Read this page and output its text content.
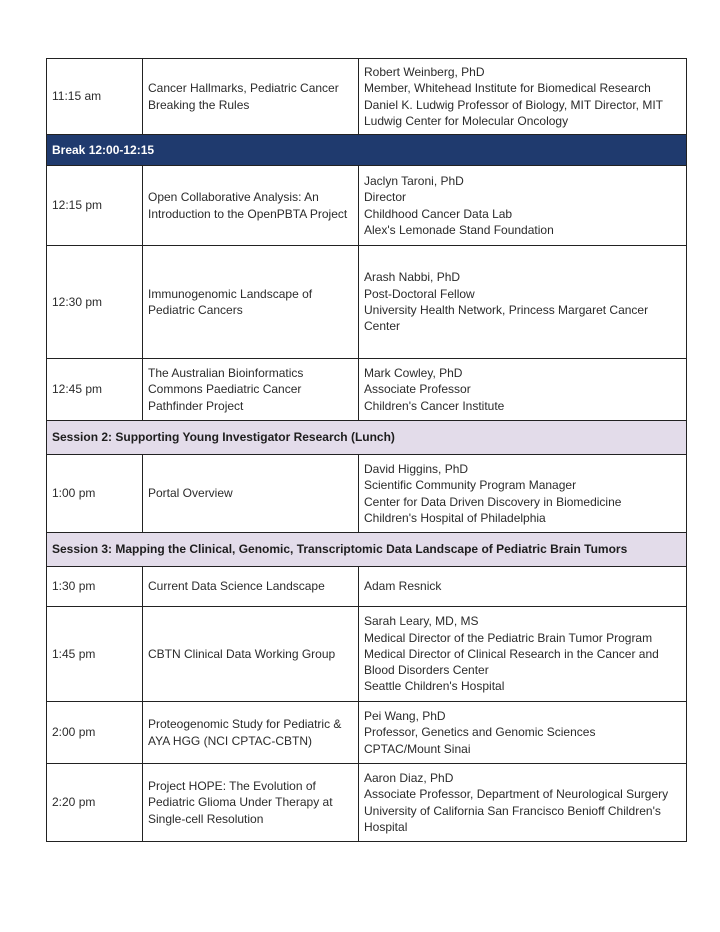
11:15 am	Cancer Hallmarks, Pediatric Cancer Breaking the Rules	Robert Weinberg, PhD
Member, Whitehead Institute for Biomedical Research
Daniel K. Ludwig Professor of Biology, MIT Director, MIT Ludwig Center for Molecular Oncology

Break 12:00-12:15		
12:15 pm	Open Collaborative Analysis: An Introduction to the OpenPBTA Project	Jaclyn Taroni, PhD
Director
Childhood Cancer Data Lab
Alex's Lemonade Stand Foundation

12:30 pm	Immunogenomic Landscape of Pediatric Cancers	Arash Nabbi, PhD
Post-Doctoral Fellow
University Health Network, Princess Margaret Cancer Center

12:45 pm	The Australian Bioinformatics Commons Paediatric Cancer Pathfinder Project	Mark Cowley, PhD
Associate Professor
Children's Cancer Institute

Session 2: Supporting Young Investigator Research (Lunch)		
1:00 pm	Portal Overview	David Higgins, PhD
Scientific Community Program Manager
Center for Data Driven Discovery in Biomedicine
Children's Hospital of Philadelphia

Session 3: Mapping the Clinical, Genomic, Transcriptomic Data Landscape of Pediatric Brain Tumors		
1:30 pm	Current Data Science Landscape	Adam Resnick

1:45 pm	CBTN Clinical Data Working Group	Sarah Leary, MD, MS
Medical Director of the Pediatric Brain Tumor Program
Medical Director of Clinical Research in the Cancer and Blood Disorders Center
Seattle Children's Hospital

2:00 pm	Proteogenomic Study for Pediatric & AYA HGG (NCI CPTAC-CBTN)	Pei Wang, PhD
Professor, Genetics and Genomic Sciences
CPTAC/Mount Sinai

2:20 pm	Project HOPE: The Evolution of Pediatric Glioma Under Therapy at Single-cell Resolution	Aaron Diaz, PhD
Associate Professor, Department of Neurological Surgery
University of California San Francisco Benioff Children's Hospital
